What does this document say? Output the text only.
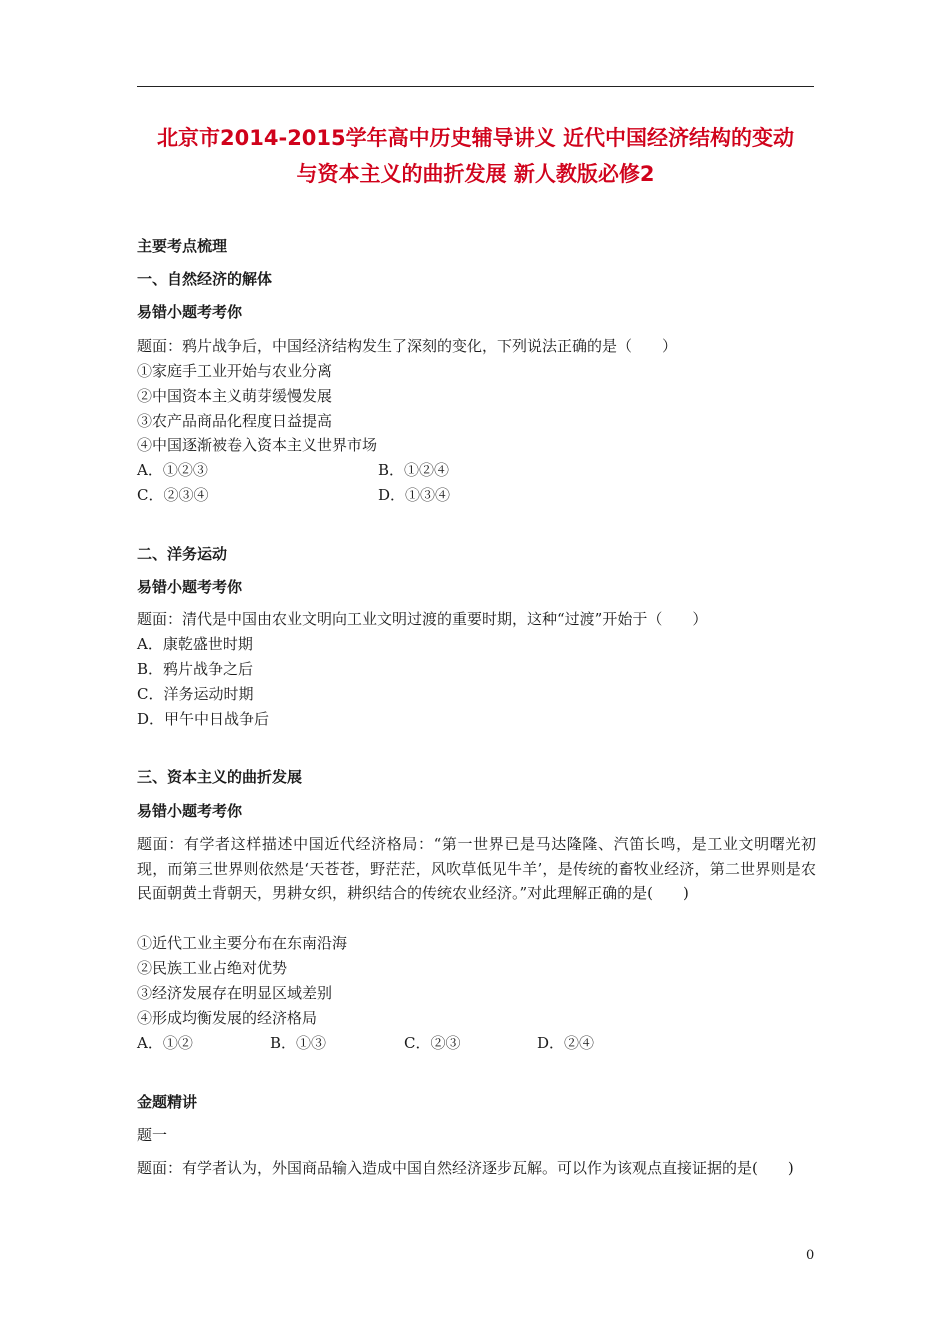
北京市2014-2015学年高中历史辅导讲义 近代中国经济结构的变动
与资本主义的曲折发展 新人教版必修2
主要考点梳理
一、自然经济的解体
易错小题考考你
题面：鸦片战争后，中国经济结构发生了深刻的变化，下列说法正确的是（　　）
①家庭手工业开始与农业分离
②中国资本主义萌芽缓慢发展
③农产品商品化程度日益提高
④中国逐渐被卷入资本主义世界市场
A．①②③	B．①②④
C．②③④	D．①③④
二、洋务运动
易错小题考考你
题面：清代是中国由农业文明向工业文明过渡的重要时期，这种“过渡”开始于（　　）
A．康乾盛世时期
B．鸦片战争之后
C．洋务运动时期
D．甲午中日战争后
三、资本主义的曲折发展
易错小题考考你
题面：有学者这样描述中国近代经济格局：“第一世界已是马达隆隆、汽笛长鸣，是工业文明曙光初现，而第三世界则依然是‘天苍苍，野茫茫，风吹草低见牛羊’，是传统的畜牧业经济，第二世界则是农民面朝黄土背朝天，男耕女织，耕织结合的传统农业经济。”对此理解正确的是(　　)
①近代工业主要分布在东南沿海
②民族工业占绝对优势
③经济发展存在明显区域差别
④形成均衡发展的经济格局
A．①②	B．①③	C．②③	D．②④
金题精讲
题一
题面：有学者认为，外国商品输入造成中国自然经济逐步瓦解。可以作为该观点直接证据的是(　　)
0
